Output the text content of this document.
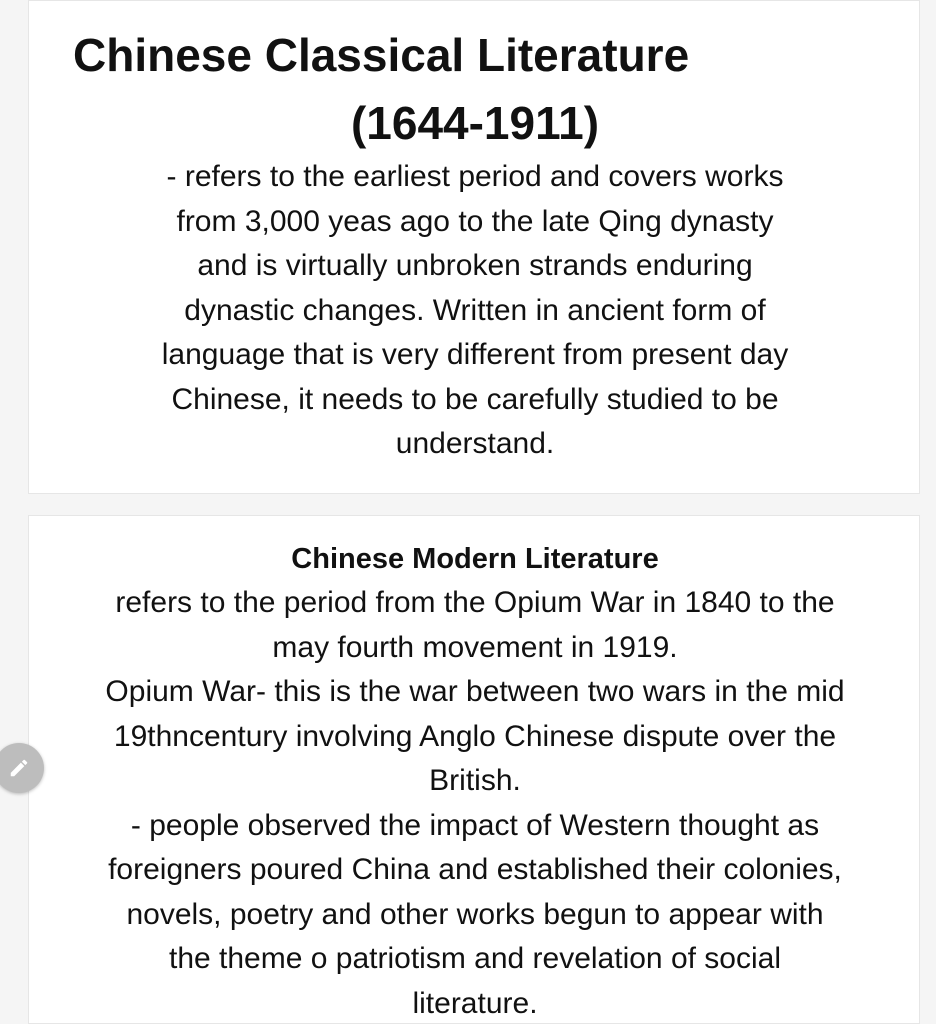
Chinese Classical Literature
(1644-1911)
- refers to the earliest period and covers works
from 3,000 yeas ago to the late Qing dynasty
and is virtually unbroken strands enduring
dynastic changes. Written in ancient form of
language that is very different from present day
Chinese, it needs to be carefully studied to be
understand.
Chinese Modern Literature
refers to the period from the Opium War in 1840 to the
may fourth movement in 1919.
Opium War- this is the war between two wars in the mid
19thncentury involving Anglo Chinese dispute over the
British.
- people observed the impact of Western thought as
foreigners poured China and established their colonies,
novels, poetry and other works begun to appear with
the theme o patriotism and revelation of social
literature.
